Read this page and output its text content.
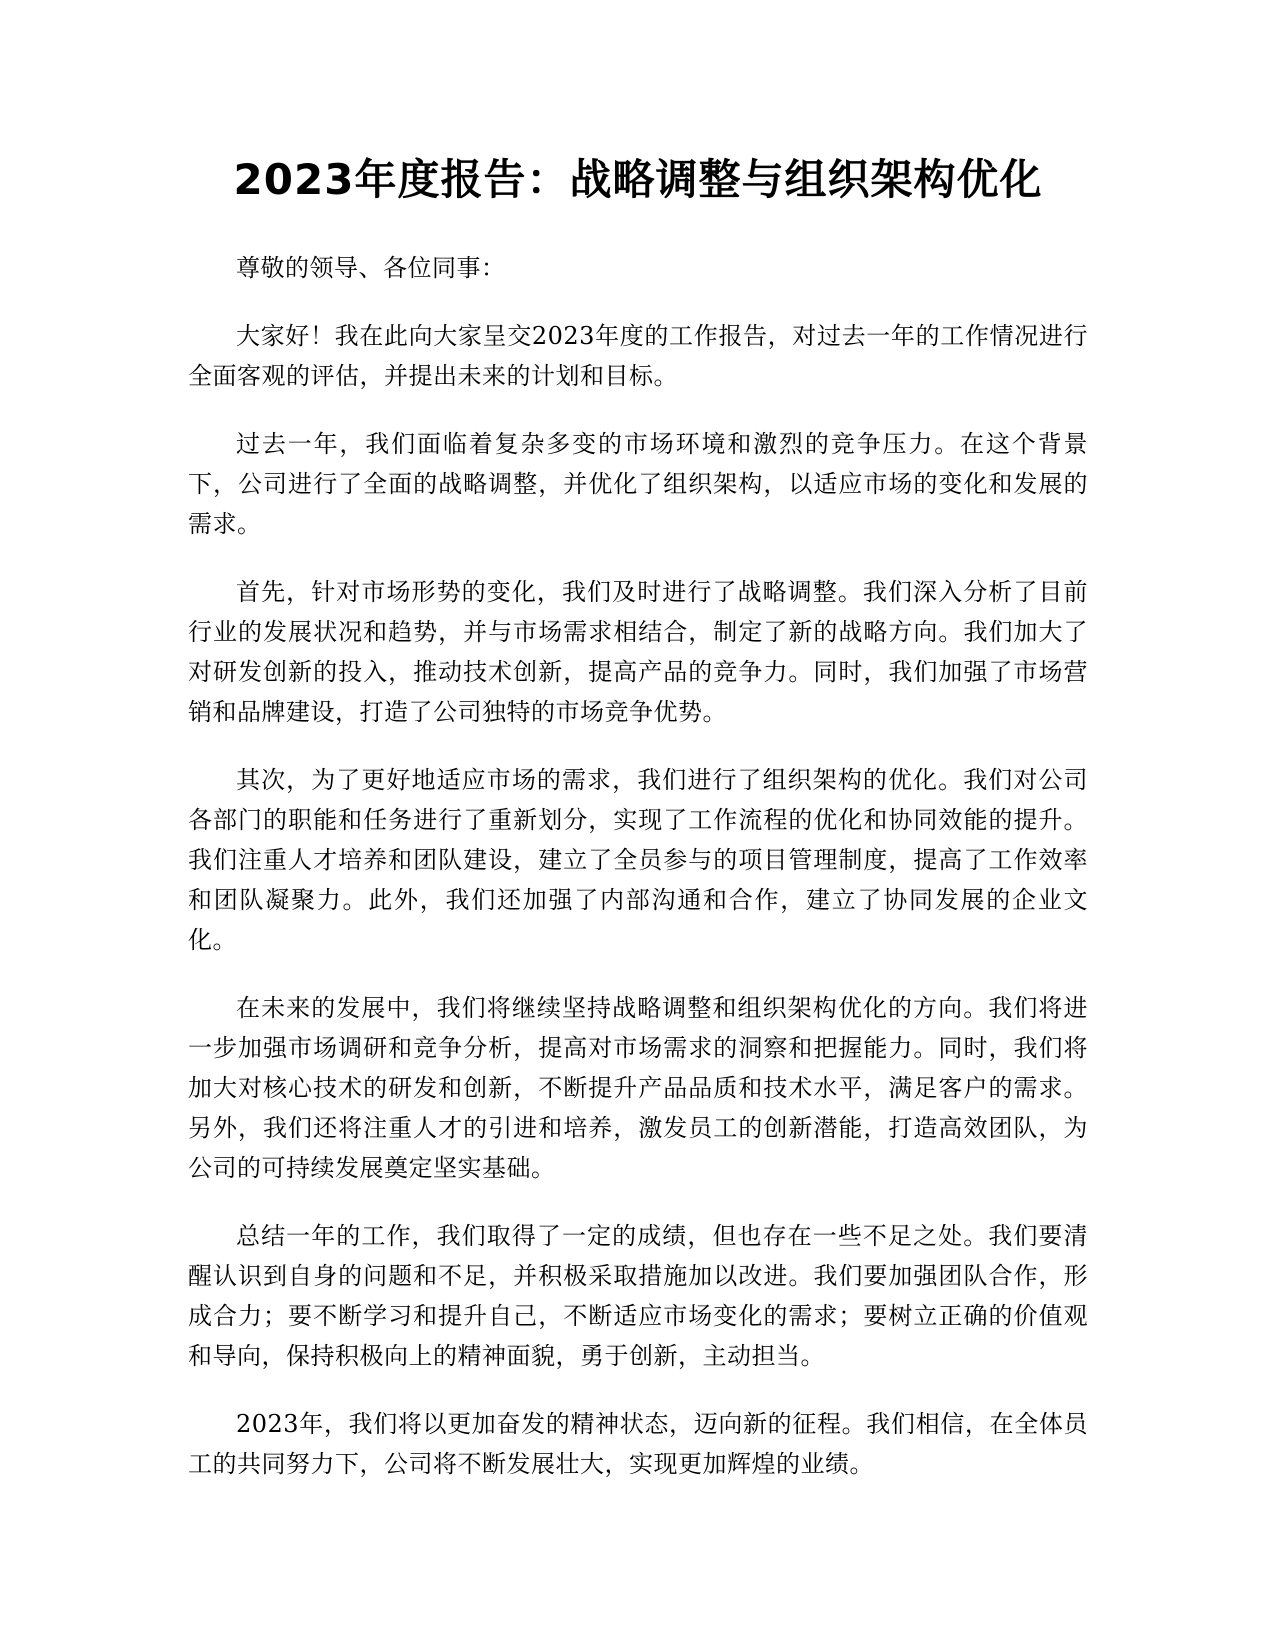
2023年度报告：战略调整与组织架构优化

尊敬的领导、各位同事：

大家好！我在此向大家呈交2023年度的工作报告，对过去一年的工作情况进行全面客观的评估，并提出未来的计划和目标。

过去一年，我们面临着复杂多变的市场环境和激烈的竞争压力。在这个背景下，公司进行了全面的战略调整，并优化了组织架构，以适应市场的变化和发展的需求。

首先，针对市场形势的变化，我们及时进行了战略调整。我们深入分析了目前行业的发展状况和趋势，并与市场需求相结合，制定了新的战略方向。我们加大了对研发创新的投入，推动技术创新，提高产品的竞争力。同时，我们加强了市场营销和品牌建设，打造了公司独特的市场竞争优势。

其次，为了更好地适应市场的需求，我们进行了组织架构的优化。我们对公司各部门的职能和任务进行了重新划分，实现了工作流程的优化和协同效能的提升。我们注重人才培养和团队建设，建立了全员参与的项目管理制度，提高了工作效率和团队凝聚力。此外，我们还加强了内部沟通和合作，建立了协同发展的企业文化。

在未来的发展中，我们将继续坚持战略调整和组织架构优化的方向。我们将进一步加强市场调研和竞争分析，提高对市场需求的洞察和把握能力。同时，我们将加大对核心技术的研发和创新，不断提升产品品质和技术水平，满足客户的需求。另外，我们还将注重人才的引进和培养，激发员工的创新潜能，打造高效团队，为公司的可持续发展奠定坚实基础。

总结一年的工作，我们取得了一定的成绩，但也存在一些不足之处。我们要清醒认识到自身的问题和不足，并积极采取措施加以改进。我们要加强团队合作，形成合力；要不断学习和提升自己，不断适应市场变化的需求；要树立正确的价值观和导向，保持积极向上的精神面貌，勇于创新，主动担当。

2023年，我们将以更加奋发的精神状态，迈向新的征程。我们相信，在全体员工的共同努力下，公司将不断发展壮大，实现更加辉煌的业绩。
